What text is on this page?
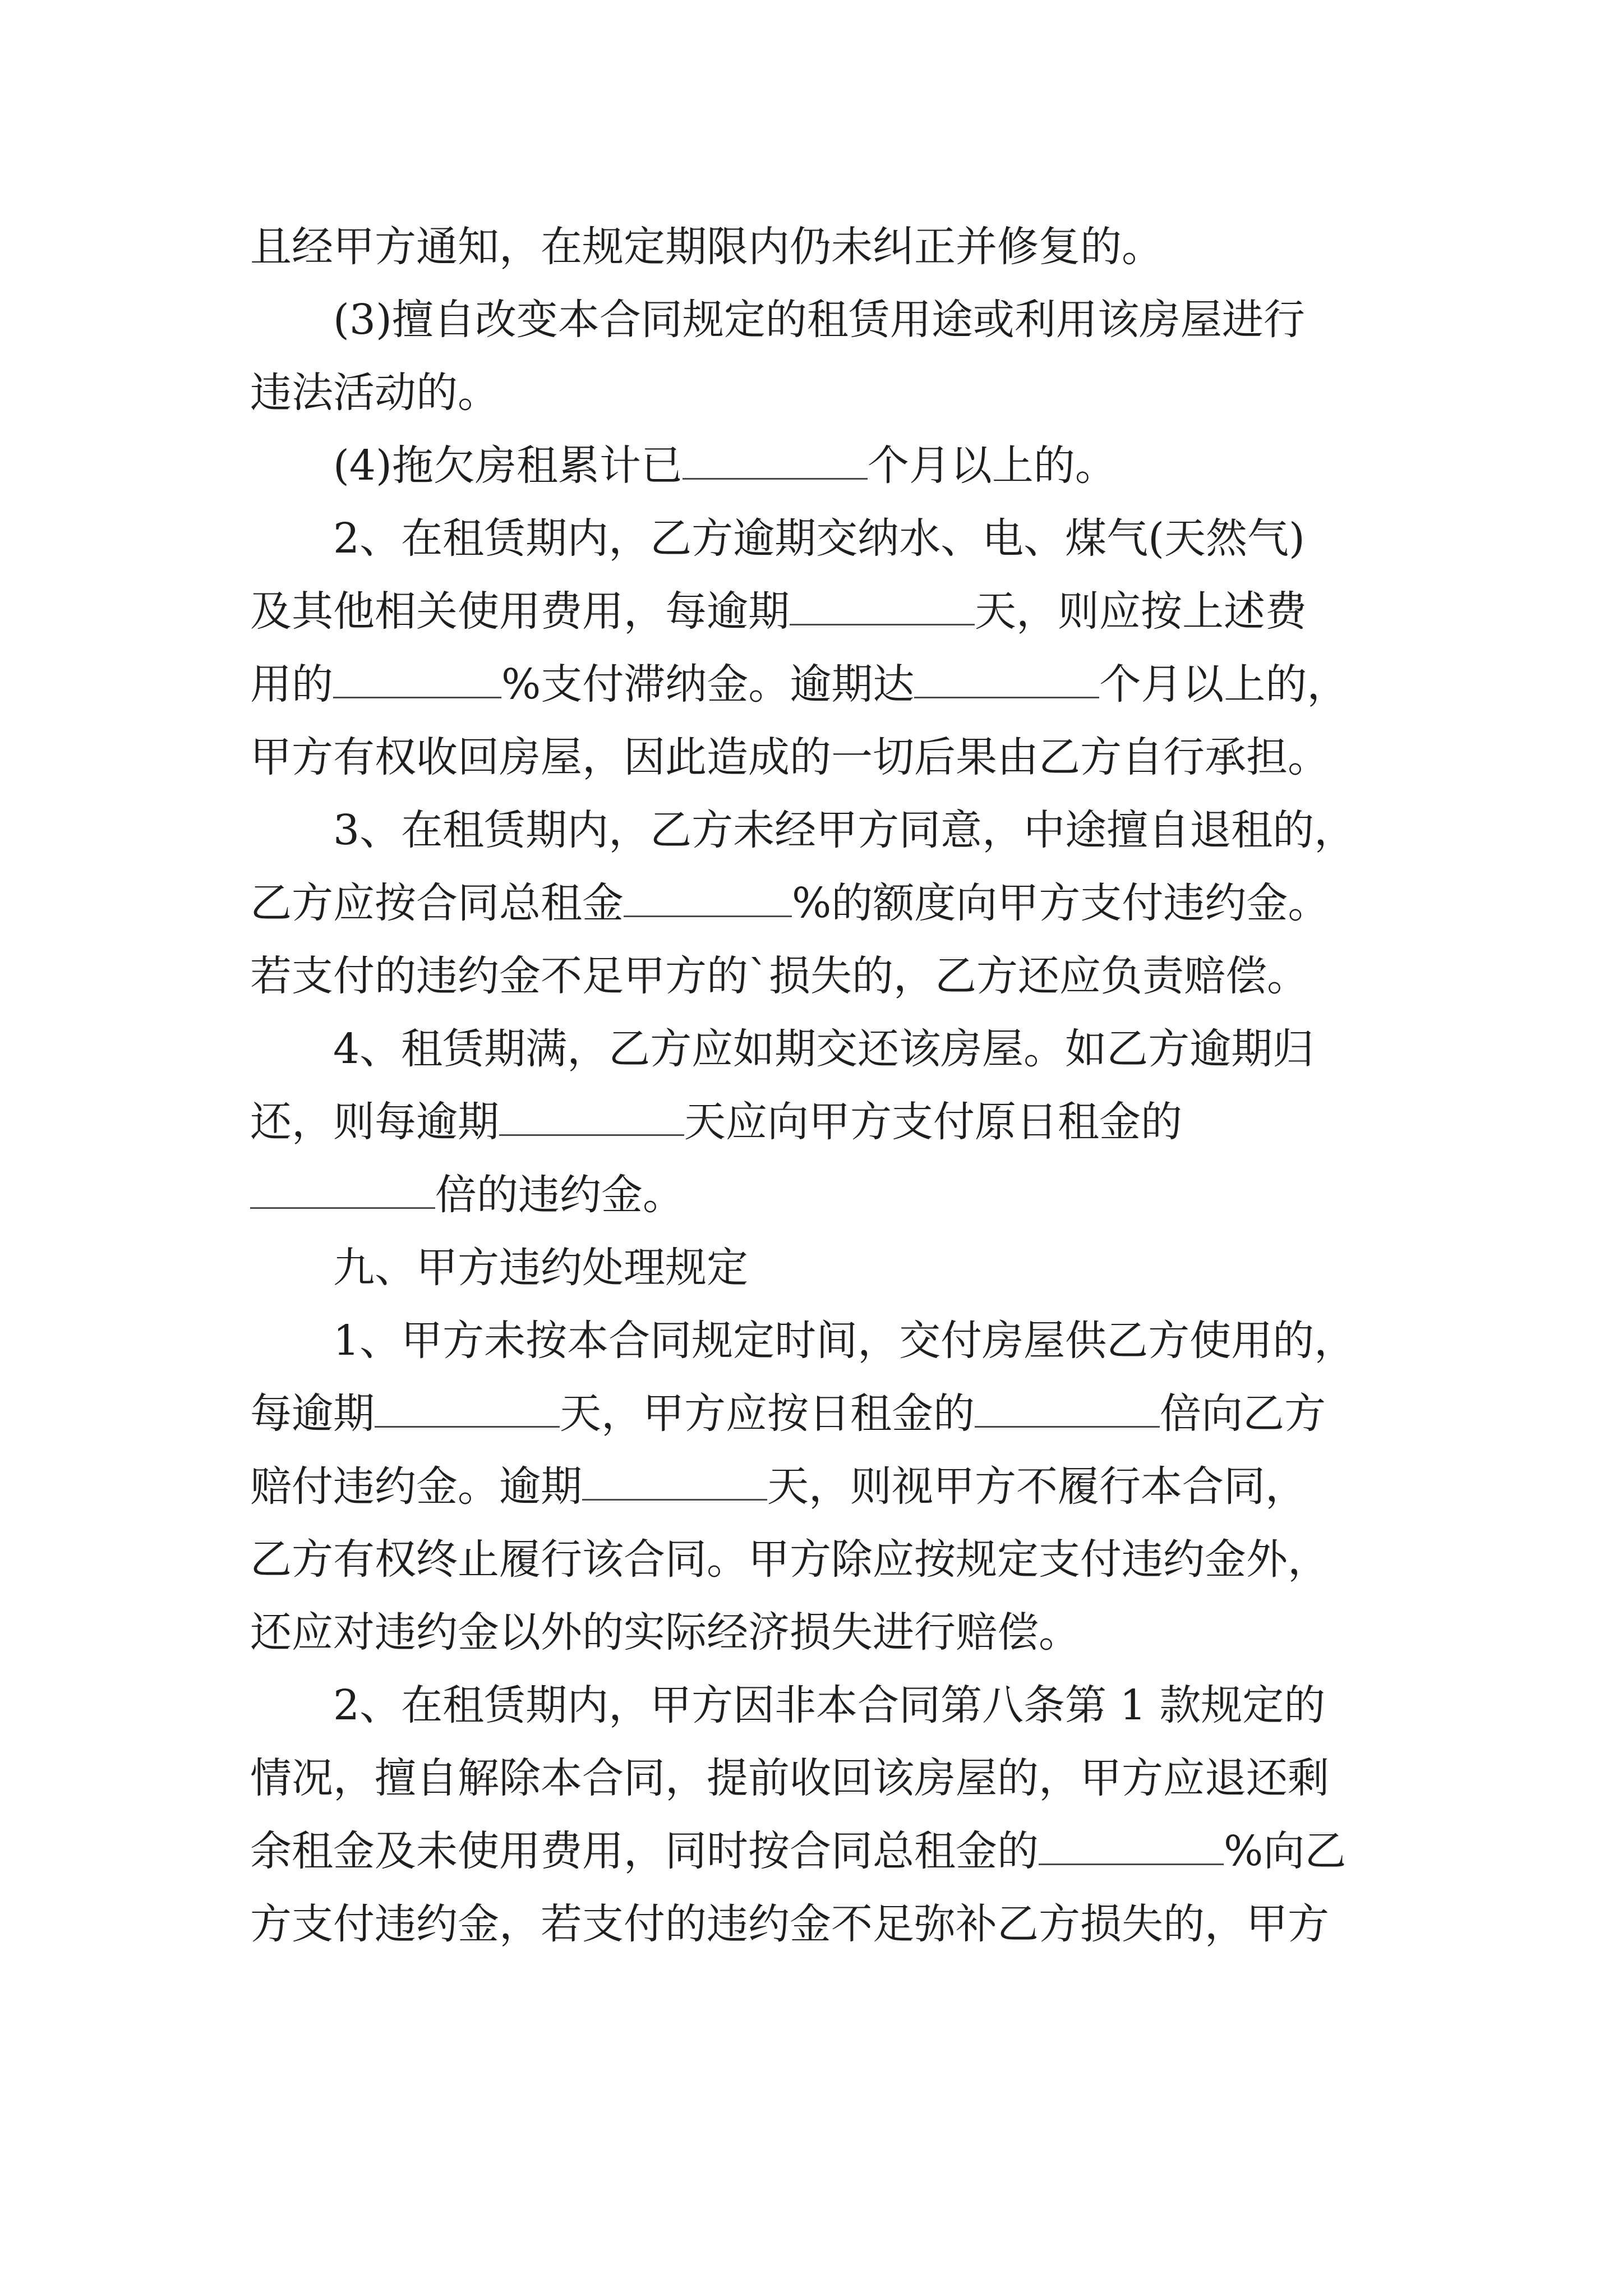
且经甲方通知，在规定期限内仍未纠正并修复的。
(3)擅自改变本合同规定的租赁用途或利用该房屋进行
违法活动的。
(4)拖欠房租累计已	个月以上的。
2、在租赁期内，乙方逾期交纳水、电、煤气(天然气)
及其他相关使用费用，每逾期	天，则应按上述费
用的	%支付滞纳金。逾期达	个月以上的，
甲方有权收回房屋，因此造成的一切后果由乙方自行承担。
3、在租赁期内，乙方未经甲方同意，中途擅自退租的，
乙方应按合同总租金	%的额度向甲方支付违约金。
若支付的违约金不足甲方的`损失的，乙方还应负责赔偿。
4、租赁期满，乙方应如期交还该房屋。如乙方逾期归
还，则每逾期	天应向甲方支付原日租金的
倍的违约金。
九、甲方违约处理规定
1、甲方未按本合同规定时间，交付房屋供乙方使用的，
每逾期	天，甲方应按日租金的	倍向乙方
赔付违约金。逾期	天，则视甲方不履行本合同，
乙方有权终止履行该合同。甲方除应按规定支付违约金外，
还应对违约金以外的实际经济损失进行赔偿。
2、在租赁期内，甲方因非本合同第八条第 1 款规定的
情况，擅自解除本合同，提前收回该房屋的，甲方应退还剩
余租金及未使用费用，同时按合同总租金的	%向乙
方支付违约金，若支付的违约金不足弥补乙方损失的，甲方
